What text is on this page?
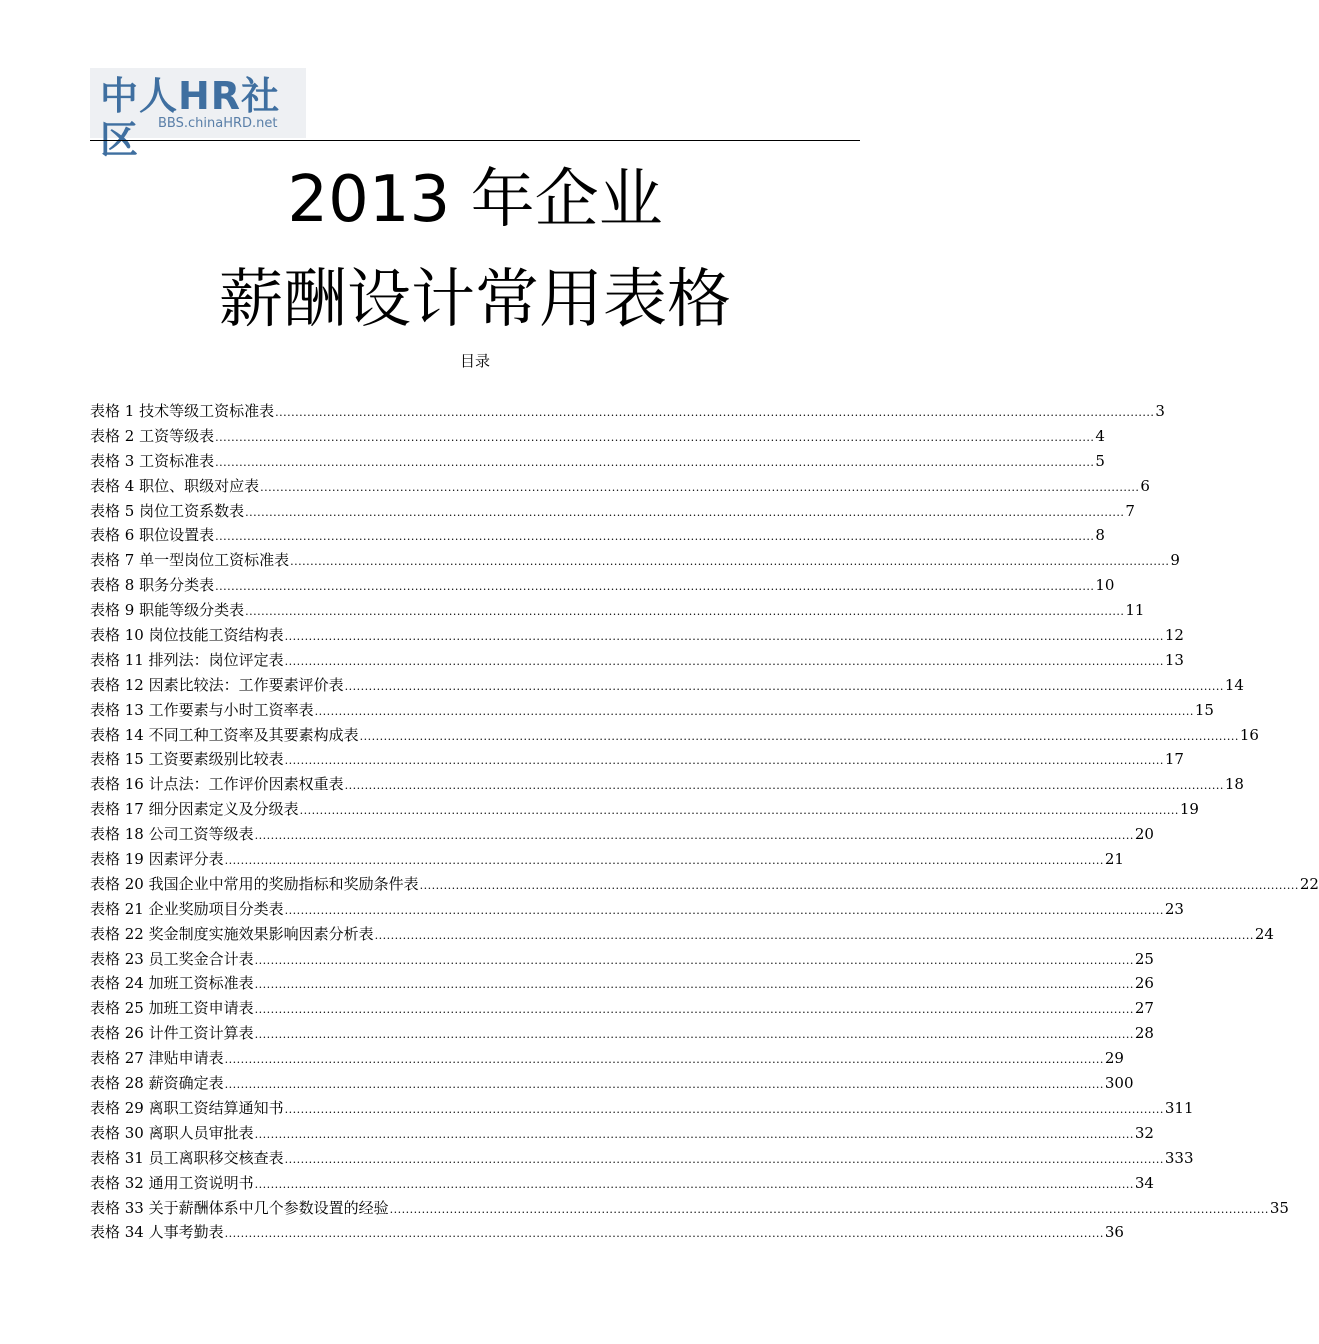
中人HR社区	BBS.chinaHRD.net
2013 年企业
薪酬设计常用表格
目录
表格 1 技术等级工资标准表 ............................................................................................................................................................................................................................ 3
表格 2 工资等级表 ............................................................................................................................................................................................................................ 4
表格 3 工资标准表 ............................................................................................................................................................................................................................ 5
表格 4 职位、职级对应表 ............................................................................................................................................................................................................................ 6
表格 5 岗位工资系数表 ............................................................................................................................................................................................................................ 7
表格 6 职位设置表 ............................................................................................................................................................................................................................ 8
表格 7 单一型岗位工资标准表 ............................................................................................................................................................................................................................ 9
表格 8 职务分类表 ............................................................................................................................................................................................................................ 10
表格 9 职能等级分类表 ............................................................................................................................................................................................................................ 11
表格 10 岗位技能工资结构表 ............................................................................................................................................................................................................................ 12
表格 11 排列法：岗位评定表 ............................................................................................................................................................................................................................ 13
表格 12 因素比较法：工作要素评价表 ............................................................................................................................................................................................................................ 14
表格 13 工作要素与小时工资率表 ............................................................................................................................................................................................................................ 15
表格 14 不同工种工资率及其要素构成表 ............................................................................................................................................................................................................................ 16
表格 15 工资要素级别比较表 ............................................................................................................................................................................................................................ 17
表格 16 计点法：工作评价因素权重表 ............................................................................................................................................................................................................................ 18
表格 17 细分因素定义及分级表 ............................................................................................................................................................................................................................ 19
表格 18 公司工资等级表 ............................................................................................................................................................................................................................ 20
表格 19 因素评分表 ............................................................................................................................................................................................................................ 21
表格 20 我国企业中常用的奖励指标和奖励条件表 ............................................................................................................................................................................................................................ 22
表格 21 企业奖励项目分类表 ............................................................................................................................................................................................................................ 23
表格 22 奖金制度实施效果影响因素分析表 ............................................................................................................................................................................................................................ 24
表格 23 员工奖金合计表 ............................................................................................................................................................................................................................ 25
表格 24 加班工资标准表 ............................................................................................................................................................................................................................ 26
表格 25 加班工资申请表 ............................................................................................................................................................................................................................ 27
表格 26 计件工资计算表 ............................................................................................................................................................................................................................ 28
表格 27 津贴申请表 ............................................................................................................................................................................................................................ 29
表格 28 薪资确定表 ............................................................................................................................................................................................................................ 300
表格 29 离职工资结算通知书 ............................................................................................................................................................................................................................ 311
表格 30 离职人员审批表 ............................................................................................................................................................................................................................ 32
表格 31 员工离职移交核查表 ............................................................................................................................................................................................................................ 333
表格 32 通用工资说明书 ............................................................................................................................................................................................................................ 34
表格 33 关于薪酬体系中几个参数设置的经验 ............................................................................................................................................................................................................................ 35
表格 34 人事考勤表 ............................................................................................................................................................................................................................ 36
